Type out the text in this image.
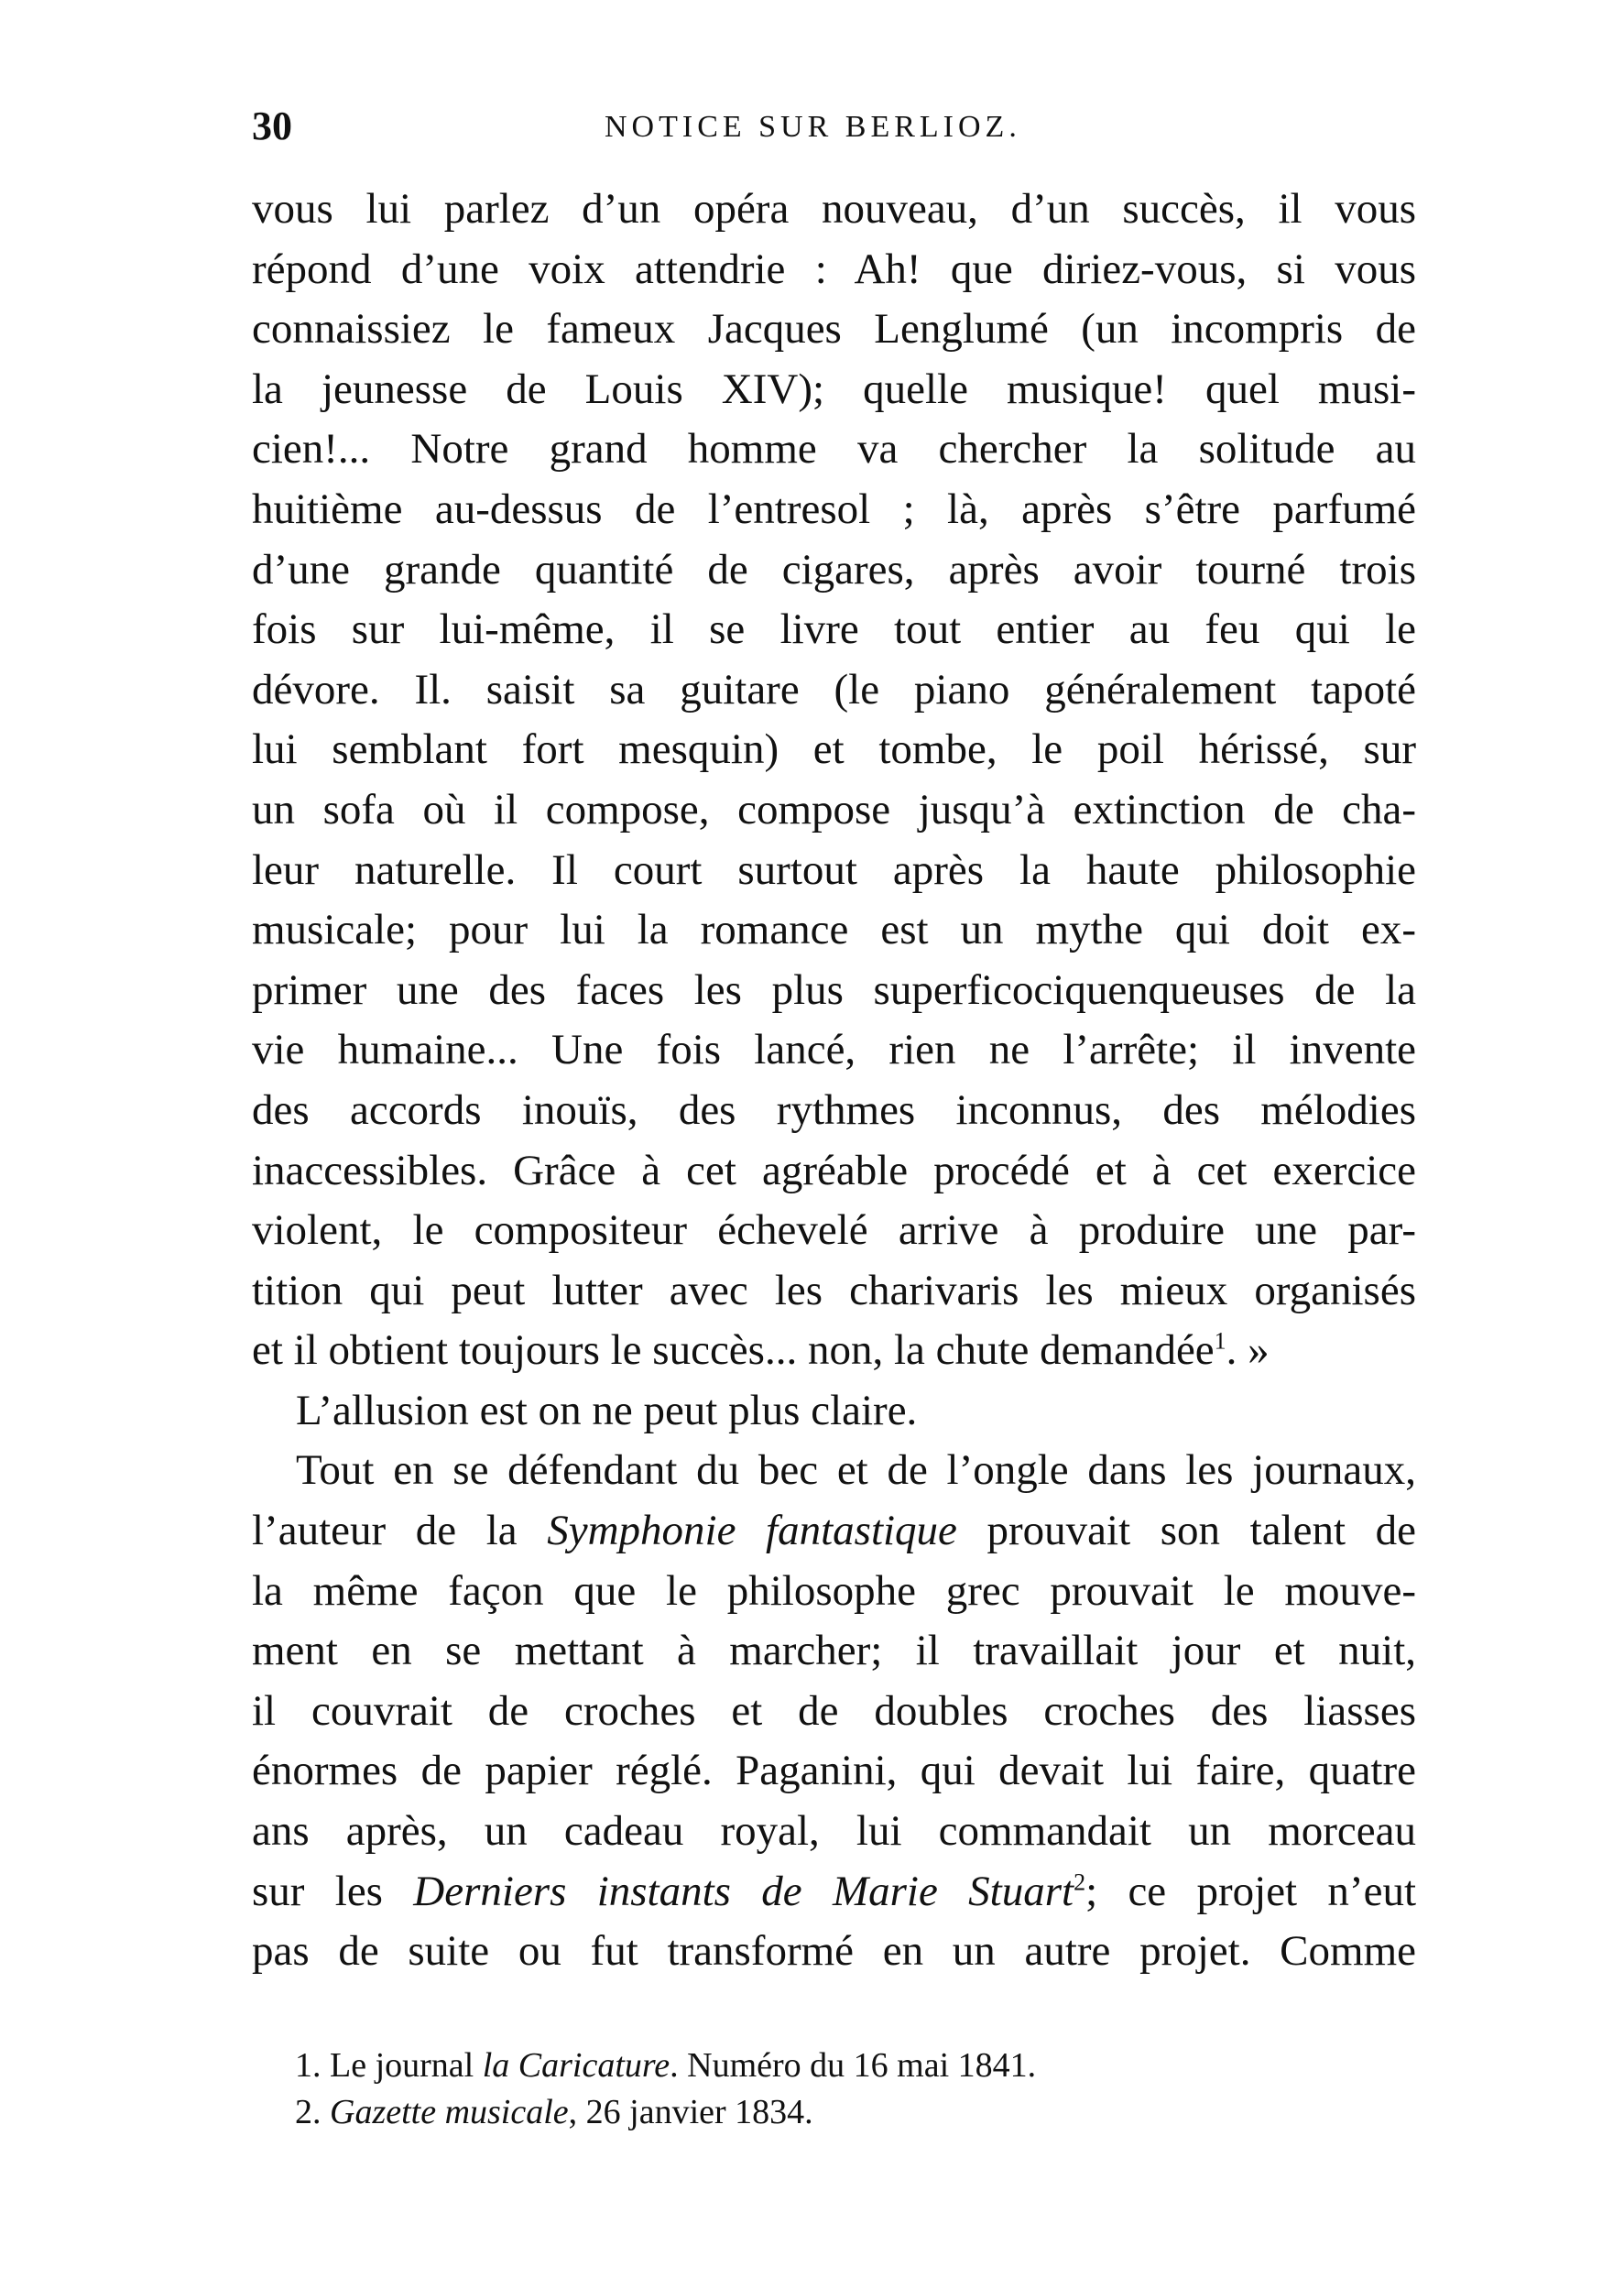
30	NOTICE SUR BERLIOZ.
vous lui parlez d’un opéra nouveau, d’un succès, il vous
répond d’une voix attendrie : Ah! que diriez-vous, si vous
connaissiez le fameux Jacques Lenglumé (un incompris de
la jeunesse de Louis XIV); quelle musique! quel musi-
cien!... Notre grand homme va chercher la solitude au
huitième au-dessus de l’entresol ; là, après s’être parfumé
d’une grande quantité de cigares, après avoir tourné trois
fois sur lui-même, il se livre tout entier au feu qui le
dévore. Il. saisit sa guitare (le piano généralement tapoté
lui semblant fort mesquin) et tombe, le poil hérissé, sur
un sofa où il compose, compose jusqu’à extinction de cha-
leur naturelle. Il court surtout après la haute philosophie
musicale; pour lui la romance est un mythe qui doit ex-
primer une des faces les plus superficociquenqueuses de la
vie humaine... Une fois lancé, rien ne l’arrête; il invente
des accords inouïs, des rythmes inconnus, des mélodies
inaccessibles. Grâce à cet agréable procédé et à cet exercice
violent, le compositeur échevelé arrive à produire une par-
tition qui peut lutter avec les charivaris les mieux organisés
et il obtient toujours le succès... non, la chute demandée$^1$. »
L’allusion est on ne peut plus claire.
Tout en se défendant du bec et de l’ongle dans les journaux,
l’auteur de la Symphonie fantastique prouvait son talent de
la même façon que le philosophe grec prouvait le mouve-
ment en se mettant à marcher; il travaillait jour et nuit,
il couvrait de croches et de doubles croches des liasses
énormes de papier réglé. Paganini, qui devait lui faire, quatre
ans après, un cadeau royal, lui commandait un morceau
sur les Derniers instants de Marie Stuart$^2$; ce projet n’eut
pas de suite ou fut transformé en un autre projet. Comme
1. Le journal la Caricature. Numéro du 16 mai 1841.
2. Gazette musicale, 26 janvier 1834.
